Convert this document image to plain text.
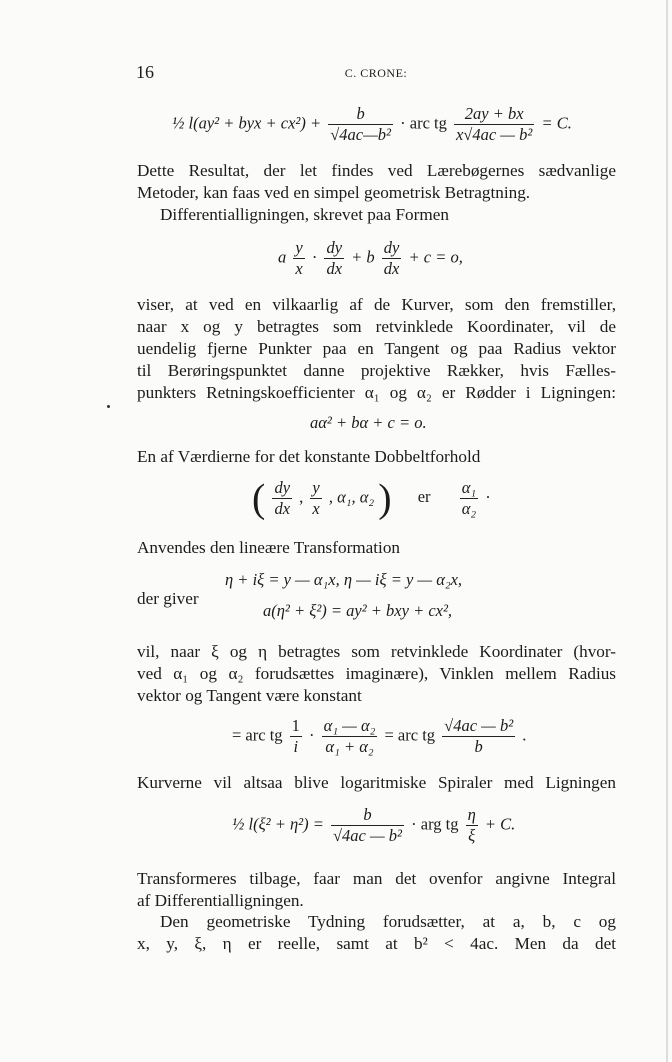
16	C. CRONE:
½ l(ay² + byx + $cx^2) + \frac{b}{\text{√4ac—b²}}$ · arc tg $\frac{2ay + bx}{\text{x√4ac — b²}} = C$.
Dette Resultat, der let findes ved Lærebøgernes sædvanlige
Metoder, kan faas ved en simpel geometrisk Betragtning.
Differentialligningen, skrevet paa Formen
a $\frac{y}{x} \cdot \frac{dy}{dx} + b \frac{dy}{dx} + c = o$,
viser, at ved en vilkaarlig af de Kurver, som den fremstiller,
naar x og y betragtes som retvinklede Koordinater, vil de
uendelig fjerne Punkter paa en Tangent og paa Radius vektor
til Berøringspunktet danne projektive Rækker, hvis Fælles-
punkters Retningskoefficienter α₁ og α₂ er Rødder i Ligningen:
aα² + bα + c = o.
En af Værdierne for det konstante Dobbeltforhold
( $\frac{dy}{dx}$ , $\frac{y}{x}$ , α₁, α₂ ) er $\frac{\text{α₁}}{\text{α₂}}$ ·
Anvendes den lineære Transformation
η + iξ = y — α₁x, η — iξ = y — α₂x,
der giver
a(η² + ξ²) = ay² + bxy + cx²,
vil, naar ξ og η betragtes som retvinklede Koordinater (hvor-
ved α₁ og α₂ forudsættes imaginære), Vinklen mellem Radius
vektor og Tangent være konstant
= arc tg $\frac{1}{i} \cdot \frac{\text{α₁ — α₂}}{\text{α₁ + α₂}}$ = arc tg $\frac{\text{√4ac — b²}}{b}$ .
Kurverne vil altsaa blive logaritmiske Spiraler med Ligningen
½ $l(\xi^2 + \eta^2) = \frac{b}{\text{√4ac — b²}}$ · arg tg $\frac{\eta}{\xi} + C$.
Transformeres tilbage, faar man det ovenfor angivne Integral
af Differentialligningen.
Den geometriske Tydning forudsætter, at a, b, c og
x, y, ξ, η er reelle, samt at b² < 4ac. Men da det
